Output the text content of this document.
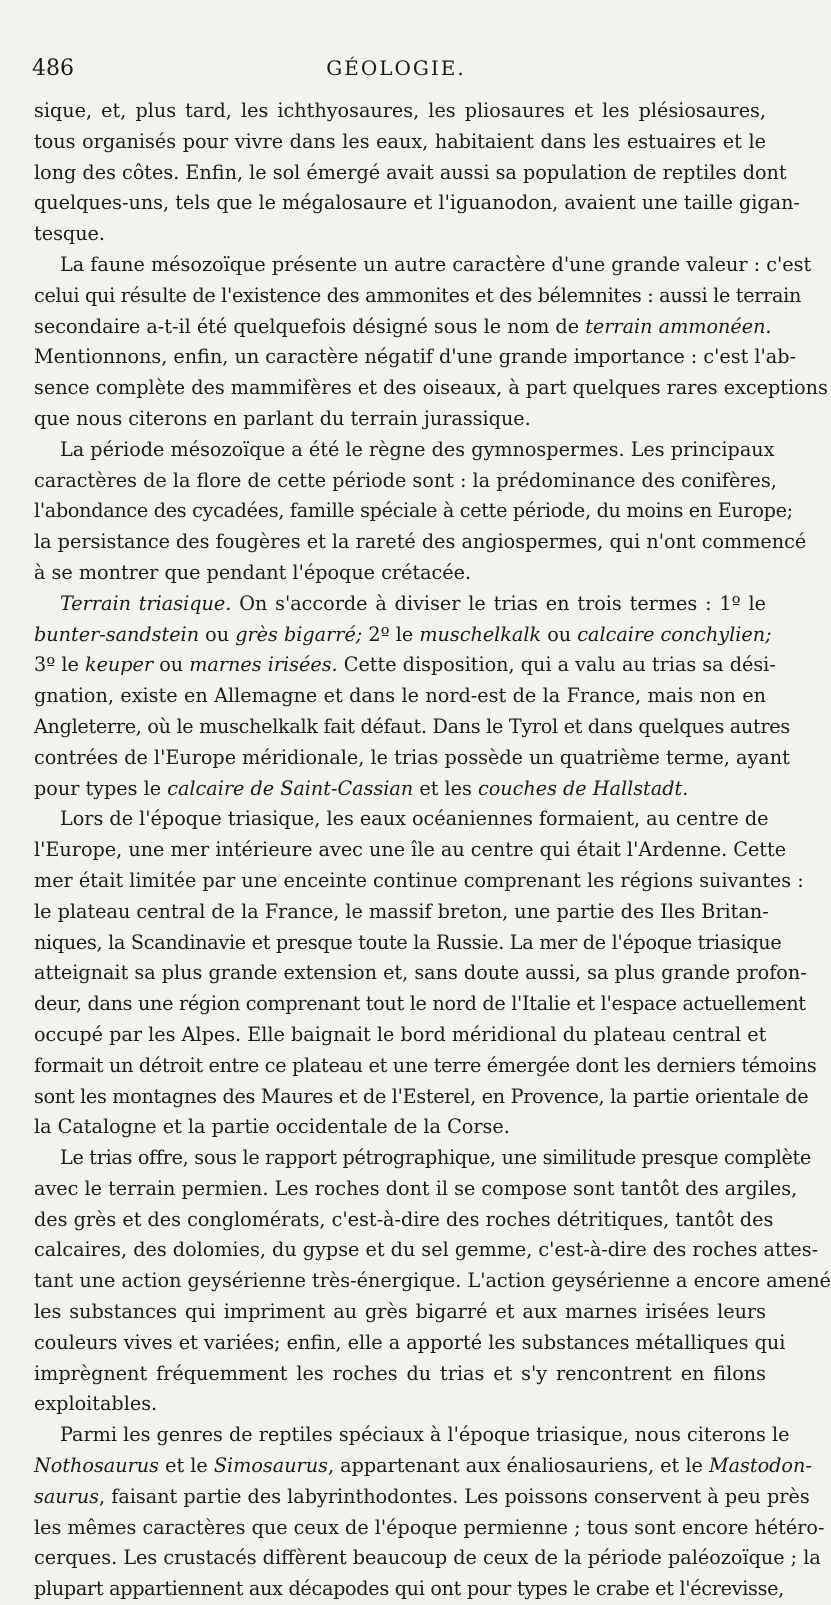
486	GÉOLOGIE.
sique, et, plus tard, les ichthyosaures, les pliosaures et les plésiosaures,
tous organisés pour vivre dans les eaux, habitaient dans les estuaires et le
long des côtes. Enfin, le sol émergé avait aussi sa population de reptiles dont
quelques-uns, tels que le mégalosaure et l'iguanodon, avaient une taille gigan-
tesque.
La faune mésozoïque présente un autre caractère d'une grande valeur : c'est
celui qui résulte de l'existence des ammonites et des bélemnites : aussi le terrain
secondaire a-t-il été quelquefois désigné sous le nom de terrain ammonéen.
Mentionnons, enfin, un caractère négatif d'une grande importance : c'est l'ab-
sence complète des mammifères et des oiseaux, à part quelques rares exceptions
que nous citerons en parlant du terrain jurassique.
La période mésozoïque a été le règne des gymnospermes. Les principaux
caractères de la flore de cette période sont : la prédominance des conifères,
l'abondance des cycadées, famille spéciale à cette période, du moins en Europe;
la persistance des fougères et la rareté des angiospermes, qui n'ont commencé
à se montrer que pendant l'époque crétacée.
Terrain triasique. On s'accorde à diviser le trias en trois termes : 1º le
bunter-sandstein ou grès bigarré; 2º le muschelkalk ou calcaire conchylien;
3º le keuper ou marnes irisées. Cette disposition, qui a valu au trias sa dési-
gnation, existe en Allemagne et dans le nord-est de la France, mais non en
Angleterre, où le muschelkalk fait défaut. Dans le Tyrol et dans quelques autres
contrées de l'Europe méridionale, le trias possède un quatrième terme, ayant
pour types le calcaire de Saint-Cassian et les couches de Hallstadt.
Lors de l'époque triasique, les eaux océaniennes formaient, au centre de
l'Europe, une mer intérieure avec une île au centre qui était l'Ardenne. Cette
mer était limitée par une enceinte continue comprenant les régions suivantes :
le plateau central de la France, le massif breton, une partie des Iles Britan-
niques, la Scandinavie et presque toute la Russie. La mer de l'époque triasique
atteignait sa plus grande extension et, sans doute aussi, sa plus grande profon-
deur, dans une région comprenant tout le nord de l'Italie et l'espace actuellement
occupé par les Alpes. Elle baignait le bord méridional du plateau central et
formait un détroit entre ce plateau et une terre émergée dont les derniers témoins
sont les montagnes des Maures et de l'Esterel, en Provence, la partie orientale de
la Catalogne et la partie occidentale de la Corse.
Le trias offre, sous le rapport pétrographique, une similitude presque complète
avec le terrain permien. Les roches dont il se compose sont tantôt des argiles,
des grès et des conglomérats, c'est-à-dire des roches détritiques, tantôt des
calcaires, des dolomies, du gypse et du sel gemme, c'est-à-dire des roches attes-
tant une action geysérienne très-énergique. L'action geysérienne a encore amené
les substances qui impriment au grès bigarré et aux marnes irisées leurs
couleurs vives et variées; enfin, elle a apporté les substances métalliques qui
imprègnent fréquemment les roches du trias et s'y rencontrent en filons
exploitables.
Parmi les genres de reptiles spéciaux à l'époque triasique, nous citerons le
Nothosaurus et le Simosaurus, appartenant aux énaliosauriens, et le Mastodon-
saurus, faisant partie des labyrinthodontes. Les poissons conservent à peu près
les mêmes caractères que ceux de l'époque permienne ; tous sont encore hétéro-
cerques. Les crustacés diffèrent beaucoup de ceux de la période paléozoïque ; la
plupart appartiennent aux décapodes qui ont pour types le crabe et l'écrevisse,
